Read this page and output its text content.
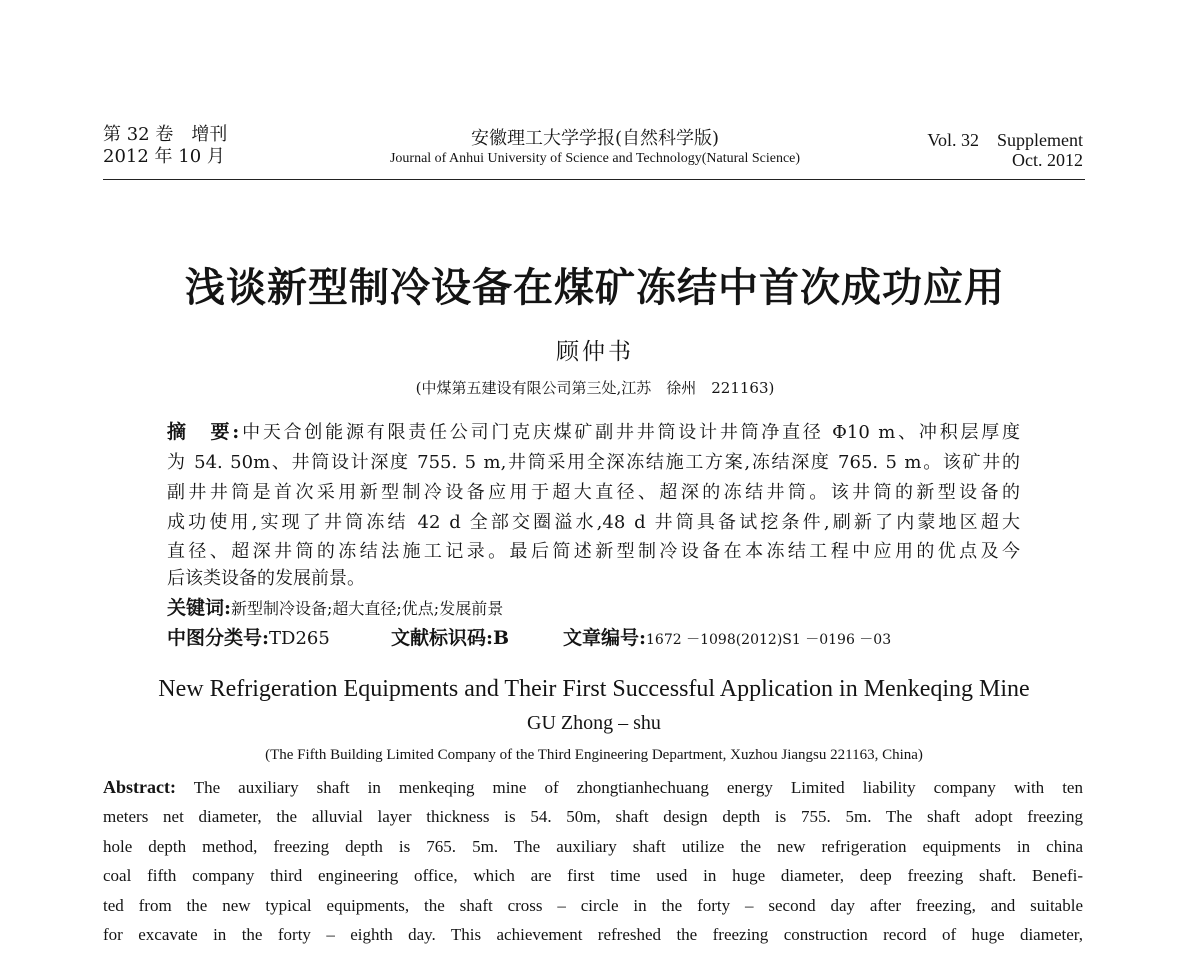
第 32 卷　增刊
2012 年 10 月
安徽理工大学学报(自然科学版)
Journal of Anhui University of Science and Technology(Natural Science)
Vol. 32　Supplement
Oct. 2012
浅谈新型制冷设备在煤矿冻结中首次成功应用
顾仲书
(中煤第五建设有限公司第三处,江苏　徐州　221163)
摘　要:中天合创能源有限责任公司门克庆煤矿副井井筒设计井筒净直径 Φ10 m、冲积层厚度
为 54. 50m、井筒设计深度 755. 5 m,井筒采用全深冻结施工方案,冻结深度 765. 5 m。该矿井的
副井井筒是首次采用新型制冷设备应用于超大直径、超深的冻结井筒。该井筒的新型设备的
成功使用,实现了井筒冻结 42 d 全部交圈溢水,48 d 井筒具备试挖条件,刷新了内蒙地区超大
直径、超深井筒的冻结法施工记录。最后简述新型制冷设备在本冻结工程中应用的优点及今
后该类设备的发展前景。
关键词:新型制冷设备;超大直径;优点;发展前景
中图分类号:TD265	文献标识码:B	文章编号:1672 －1098(2012)S1 －0196 －03
New Refrigeration Equipments and Their First Successful Application in Menkeqing Mine
GU Zhong – shu
(The Fifth Building Limited Company of the Third Engineering Department, Xuzhou Jiangsu 221163, China)
Abstract: The auxiliary shaft in menkeqing mine of zhongtianhechuang energy Limited liability company with ten
meters net diameter, the alluvial layer thickness is 54. 50m, shaft design depth is 755. 5m. The shaft adopt freezing
hole depth method, freezing depth is 765. 5m. The auxiliary shaft utilize the new refrigeration equipments in china
coal fifth company third engineering office, which are first time used in huge diameter, deep freezing shaft. Benefi-
ted from the new typical equipments, the shaft cross – circle in the forty – second day after freezing, and suitable
for excavate in the forty – eighth day. This achievement refreshed the freezing construction record of huge diameter,
